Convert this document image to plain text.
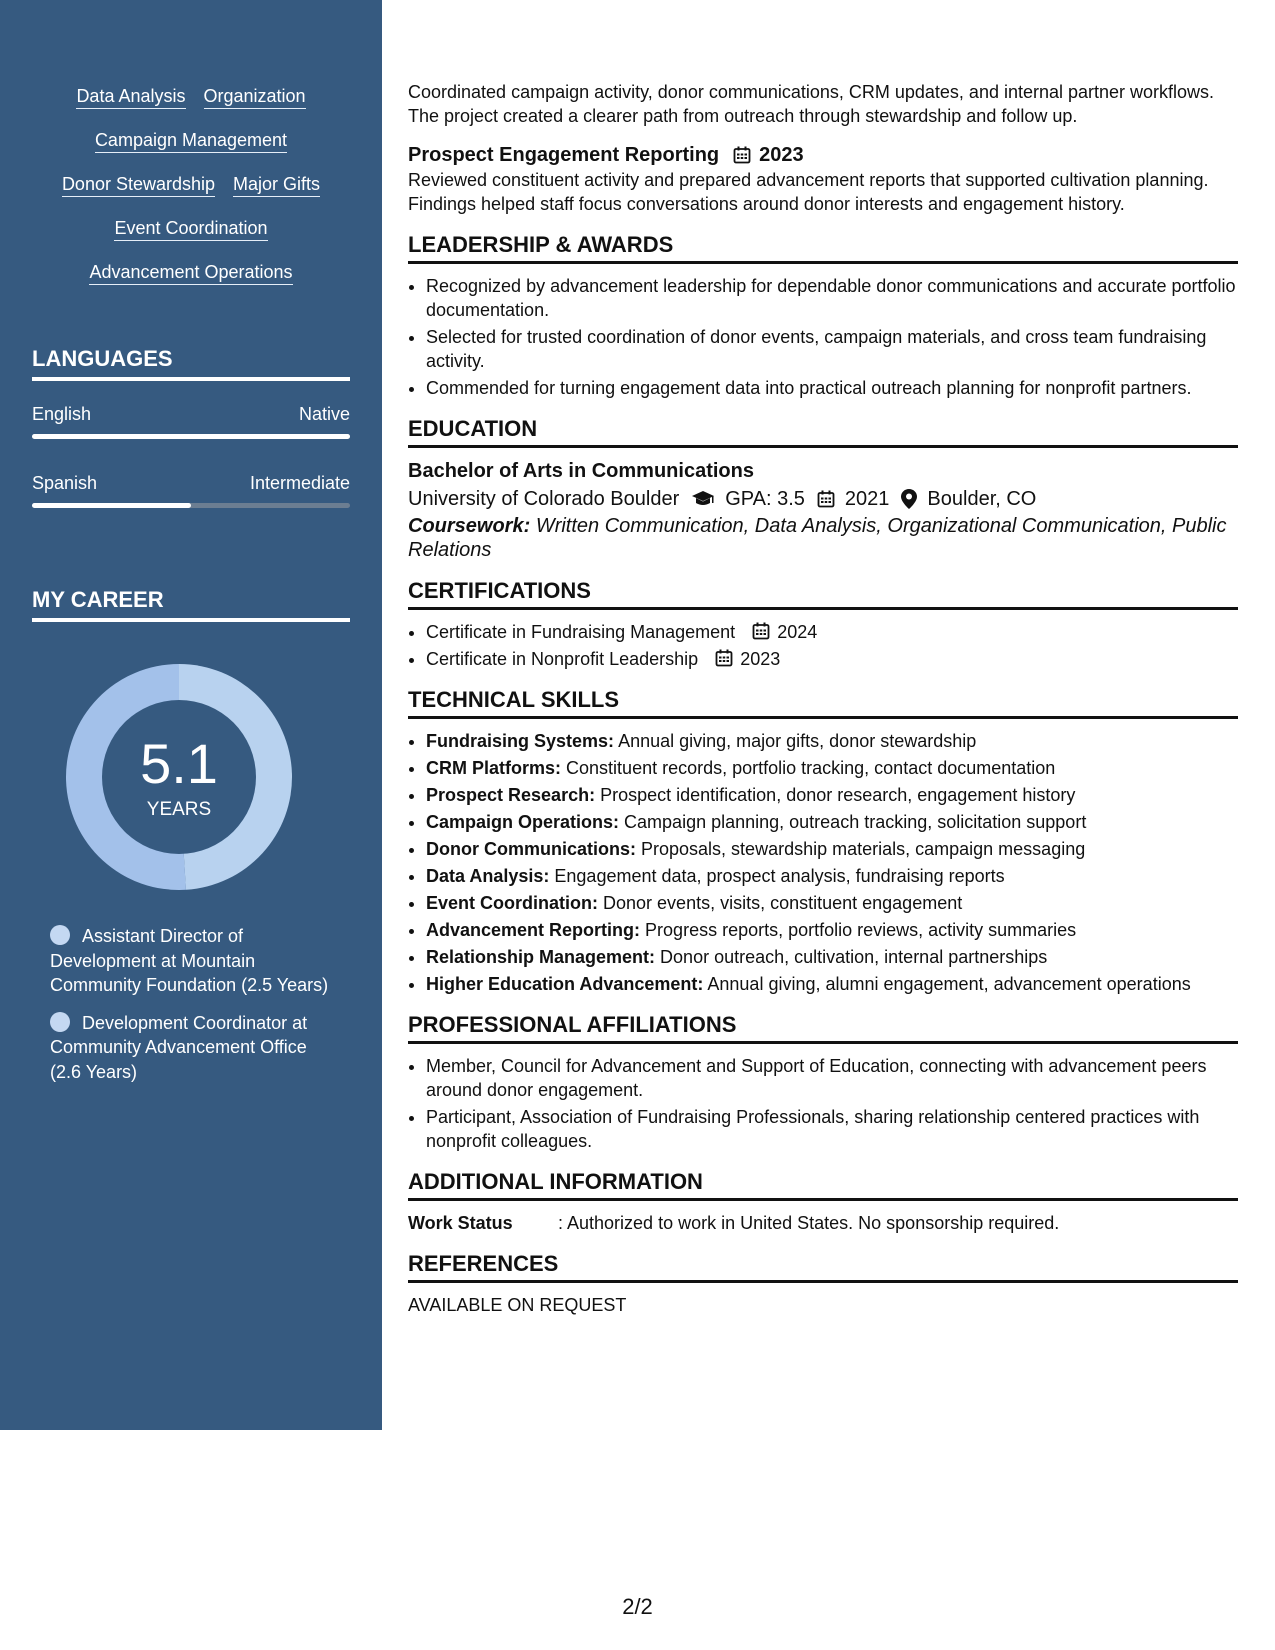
Data Analysis Organization
Campaign Management
Donor Stewardship Major Gifts
Event Coordination
Advancement Operations
LANGUAGES
English	Native
Spanish	Intermediate
MY CAREER
5.1
YEARS
Assistant Director of Development at Mountain Community Foundation (2.5 Years)
Development Coordinator at Community Advancement Office (2.6 Years)

Coordinated campaign activity, donor communications, CRM updates, and internal partner workflows. The project created a clearer path from outreach through stewardship and follow up.

Prospect Engagement Reporting 2023

Reviewed constituent activity and prepared advancement reports that supported cultivation planning. Findings helped staff focus conversations around donor interests and engagement history.

LEADERSHIP & AWARDS
• Recognized by advancement leadership for dependable donor communications and accurate portfolio documentation.
• Selected for trusted coordination of donor events, campaign materials, and cross team fundraising activity.
• Commended for turning engagement data into practical outreach planning for nonprofit partners.
EDUCATION
Bachelor of Arts in Communications
University of Colorado Boulder GPA: 3.5 2021 Boulder, CO
Coursework: Written Communication, Data Analysis, Organizational Communication, Public Relations
CERTIFICATIONS
• Certificate in Fundraising Management 2024
• Certificate in Nonprofit Leadership 2023
TECHNICAL SKILLS
• Fundraising Systems: Annual giving, major gifts, donor stewardship
• CRM Platforms: Constituent records, portfolio tracking, contact documentation
• Prospect Research: Prospect identification, donor research, engagement history
• Campaign Operations: Campaign planning, outreach tracking, solicitation support
• Donor Communications: Proposals, stewardship materials, campaign messaging
• Data Analysis: Engagement data, prospect analysis, fundraising reports
• Event Coordination: Donor events, visits, constituent engagement
• Advancement Reporting: Progress reports, portfolio reviews, activity summaries
• Relationship Management: Donor outreach, cultivation, internal partnerships
• Higher Education Advancement: Annual giving, alumni engagement, advancement operations
PROFESSIONAL AFFILIATIONS
• Member, Council for Advancement and Support of Education, connecting with advancement peers around donor engagement.
• Participant, Association of Fundraising Professionals, sharing relationship centered practices with nonprofit colleagues.
ADDITIONAL INFORMATION
Work Status	: Authorized to work in United States. No sponsorship required.
REFERENCES

AVAILABLE ON REQUEST

2/2
